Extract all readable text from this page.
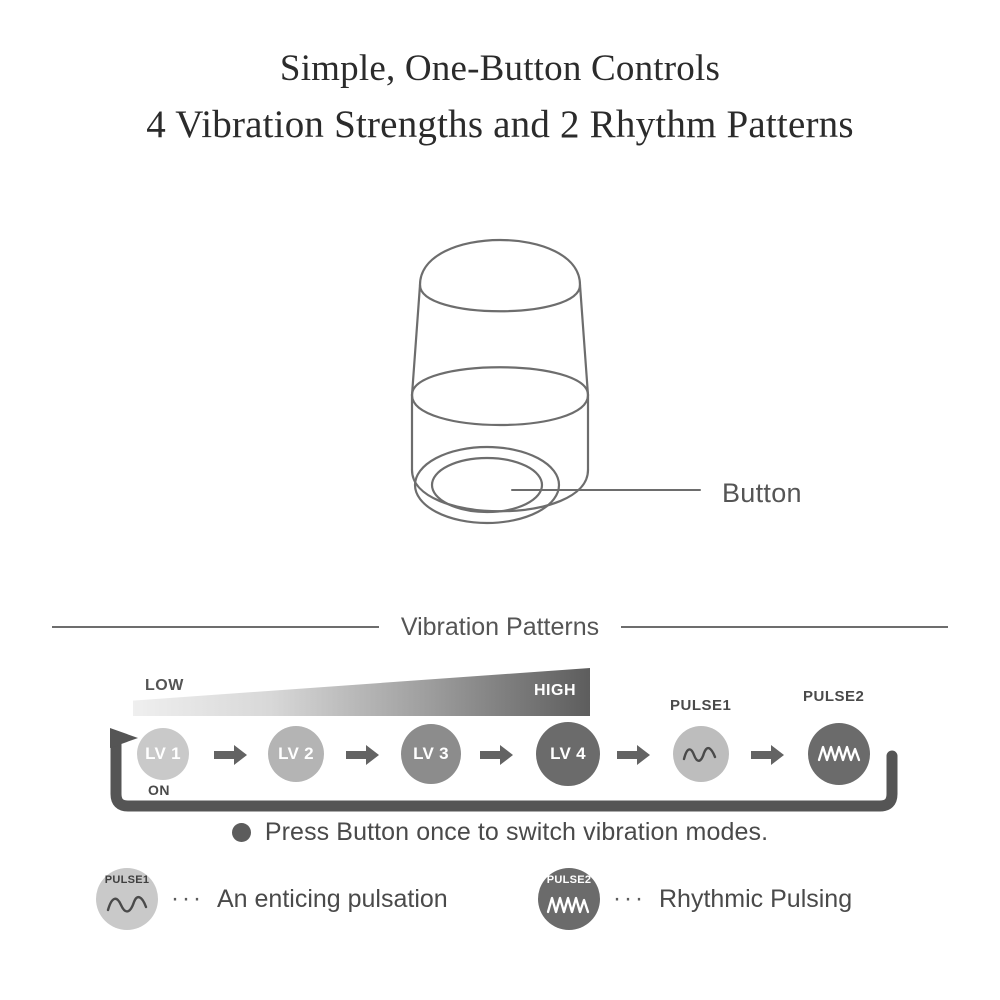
Simple, One-Button Controls
4 Vibration Strengths and 2 Rhythm Patterns
Button
Vibration Patterns
LOW	HIGH
LV 1	LV 2	LV 3	LV 4
ON
PULSE1
PULSE2
Press Button once to switch vibration modes.
PULSE1
··· An enticing pulsation
PULSE2
··· Rhythmic Pulsing
